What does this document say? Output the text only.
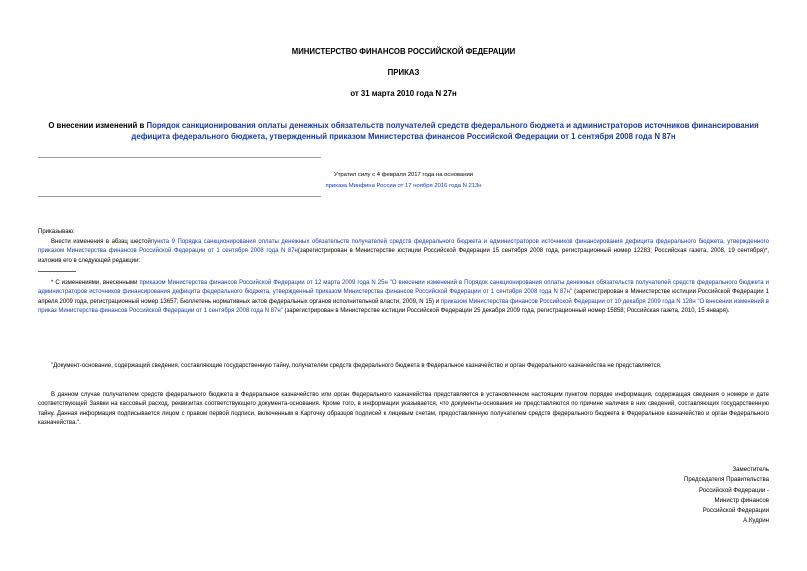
МИНИСТЕРСТВО ФИНАНСОВ РОССИЙСКОЙ ФЕДЕРАЦИИ
ПРИКАЗ
от 31 марта 2010 года N 27н
О внесении изменений в Порядок санкционирования оплаты денежных обязательств получателей средств федерального бюджета и администраторов источников финансирования дефицита федерального бюджета, утвержденный приказом Министерства финансов Российской Федерации от 1 сентября 2008 года N 87н
Утратил силу с 4 февраля 2017 года на основании
приказа Минфина России от 17 ноября 2016 года N 213н
Приказываю:
Внести изменения в абзац шестойпункта 9 Порядка санкционирования оплаты денежных обязательств получателей средств федерального бюджета и администраторов источников финансирования дефицита федерального бюджета, утвержденного приказом Министерства финансов Российской Федерации от 1 сентября 2008 года N 87н(зарегистрирован в Министерстве юстиции Российской Федерации 15 сентября 2008 года, регистрационный номер 12283; Российская газета, 2008, 19 сентября)*, изложив его в следующей редакции:
* С изменениями, внесенными приказом Министерства финансов Российской Федерации от 12 марта 2009 года N 25н "О внесении изменений в Порядок санкционирования оплаты денежных обязательств получателей средств федерального бюджета и администраторов источников финансирования дефицита федерального бюджета, утвержденный приказом Министерства финансов Российской Федерации от 1 сентября 2008 года N 87н" (зарегистрирован в Министерстве юстиции Российской Федерации 1 апреля 2009 года, регистрационный номер 13657; Бюллетень нормативных актов федеральных органов исполнительной власти, 2009, N 15) и приказом Министерства финансов Российской Федерации от 10 декабря 2009 года N 128н "О внесении изменений в приказ Министерства финансов Российской Федерации от 1 сентября 2008 года N 87н" (зарегистрирован в Министерстве юстиции Российской Федерации 25 декабря 2009 года, регистрационный номер 15858; Российская газета, 2010, 15 января).
"Документ-основание, содержащий сведения, составляющие государственную тайну, получателем средств федерального бюджета в Федеральное казначейство и орган Федерального казначейства не представляется.
В данном случае получателем средств федерального бюджета в Федеральное казначейство или орган Федерального казначейства представляется в установленном настоящим пунктом порядке информация, содержащая сведения о номере и дате соответствующей Заявки на кассовый расход, реквизитах соответствующего документа-основания. Кроме того, в информации указывается, что документы-основания не представляются по причине наличия в них сведений, составляющих государственную тайну. Данная информация подписывается лицом с правом первой подписи, включенным в Карточку образцов подписей к лицевым счетам, предоставленную получателем средств федерального бюджета в Федеральное казначейство и орган Федерального казначейства.".

Заместитель

Председателя Правительства

Российской Федерации -

Министр финансов

Российской Федерации

А.Кудрин
